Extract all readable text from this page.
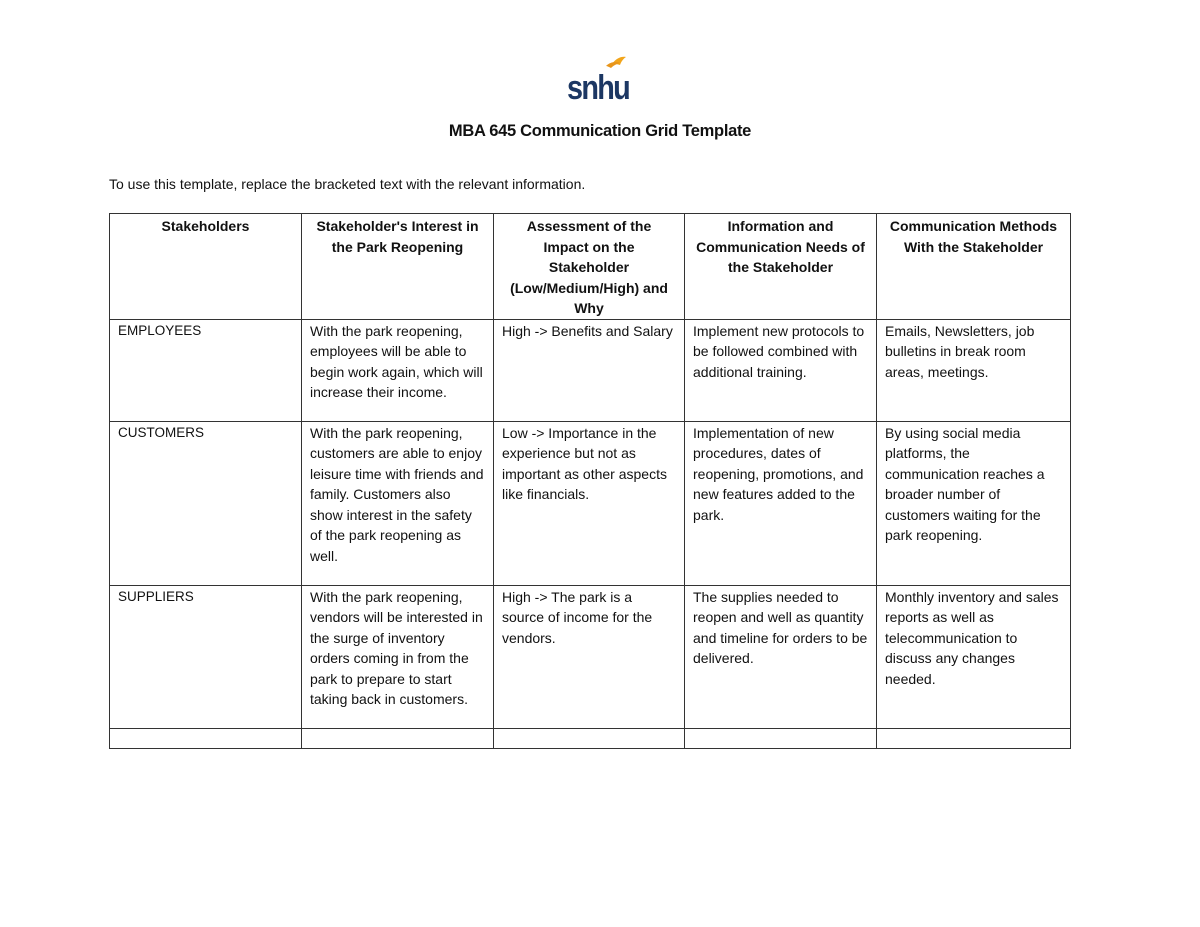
snhu
MBA 645 Communication Grid Template
To use this template, replace the bracketed text with the relevant information.
Stakeholders	Stakeholder's Interest in the Park Reopening	Assessment of the Impact on the Stakeholder (Low/Medium/High) and Why	Information and Communication Needs of the Stakeholder	Communication Methods With the Stakeholder
EMPLOYEES	With the park reopening, employees will be able to begin work again, which will increase their income.	High -> Benefits and Salary	Implement new protocols to be followed combined with additional training.	Emails, Newsletters, job bulletins in break room areas, meetings.
CUSTOMERS	With the park reopening, customers are able to enjoy leisure time with friends and family. Customers also show interest in the safety of the park reopening as well.	Low -> Importance in the experience but not as important as other aspects like financials.	Implementation of new procedures, dates of reopening, promotions, and new features added to the park.	By using social media platforms, the communication reaches a broader number of customers waiting for the park reopening.
SUPPLIERS	With the park reopening, vendors will be interested in the surge of inventory orders coming in from the park to prepare to start taking back in customers.	High -> The park is a source of income for the vendors.	The supplies needed to reopen and well as quantity and timeline for orders to be delivered.	Monthly inventory and sales reports as well as telecommunication to discuss any changes needed.
